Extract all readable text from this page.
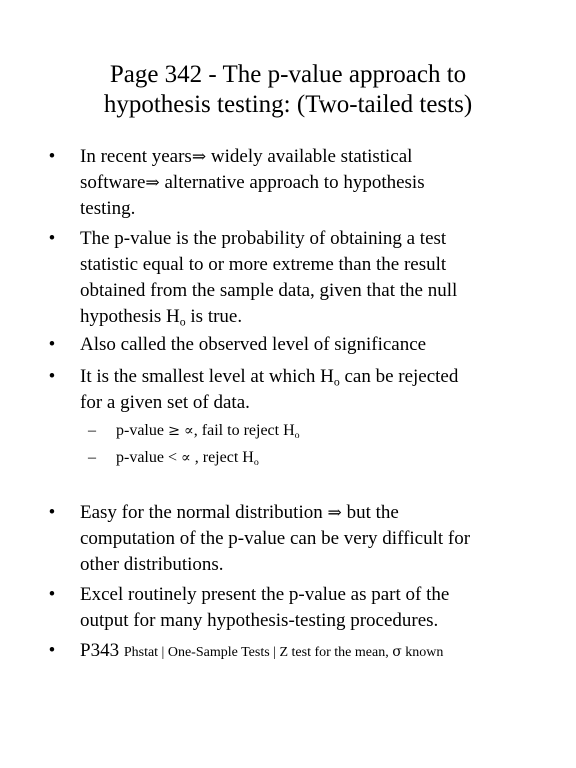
Page 342 - The p-value approach to
hypothesis testing: (Two-tailed tests)
• In recent years⇒ widely available statistical
software⇒ alternative approach to hypothesis
testing.
• The p-value is the probability of obtaining a test
statistic equal to or more extreme than the result
obtained from the sample data, given that the null
hypothesis $H_o$ is true.
• Also called the observed level of significance
• It is the smallest level at which $H_o$ can be rejected
for a given set of data.
– p-value ≥ ∝, fail to reject $H_o$
– p-value < ∝ , reject $H_o$
• Easy for the normal distribution ⇒ but the
computation of the p-value can be very difficult for
other distributions.
• Excel routinely present the p-value as part of the
output for many hypothesis-testing procedures.
• P343 Phstat | One-Sample Tests | Z test for the mean, σ known
